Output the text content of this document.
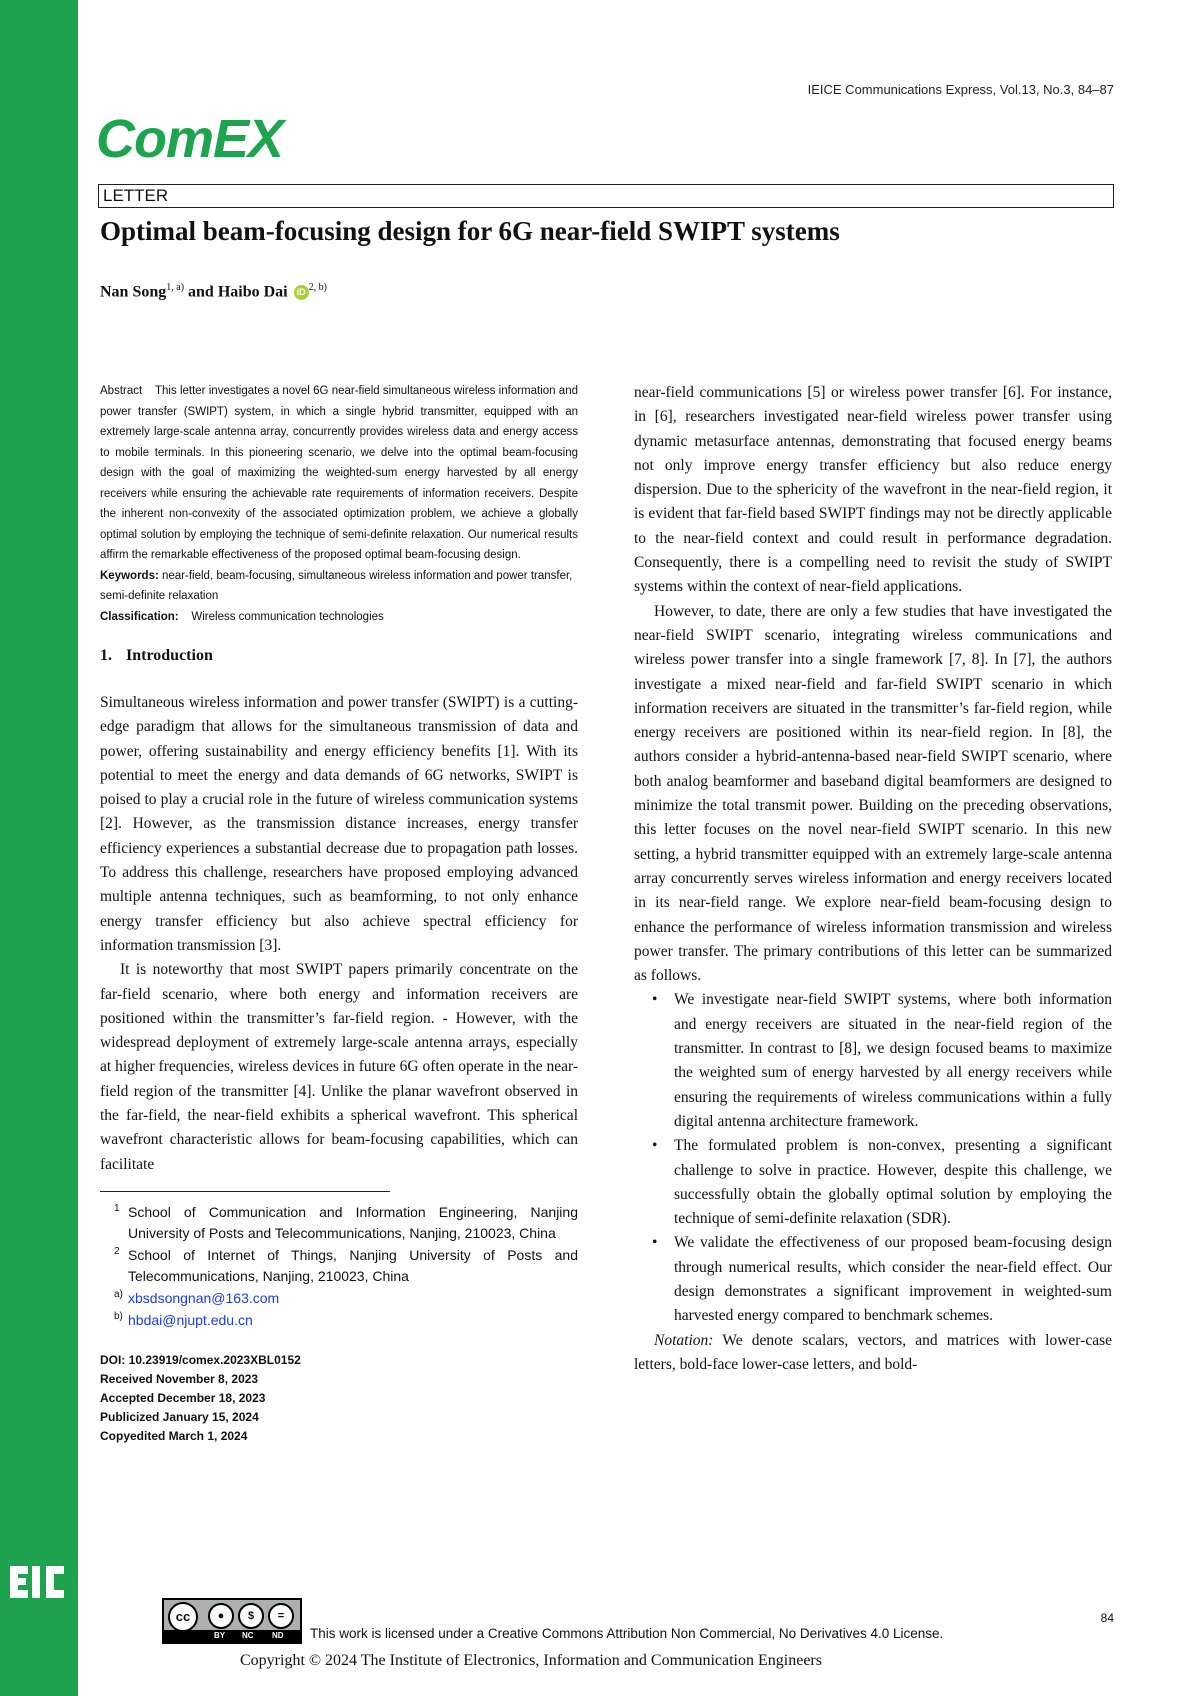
IEICE Communications Express, Vol.13, No.3, 84–87
ComEX
LETTER
Optimal beam-focusing design for 6G near-field SWIPT systems
Nan Song$^{1, a)}$ and Haibo Dai iD $^{2, b)}$

Abstract This letter investigates a novel 6G near-field simultaneous wireless information and power transfer (SWIPT) system, in which a single hybrid transmitter, equipped with an extremely large-scale antenna array, concurrently provides wireless data and energy access to mobile terminals. In this pioneering scenario, we delve into the optimal beam-focusing design with the goal of maximizing the weighted-sum energy harvested by all energy receivers while ensuring the achievable rate requirements of information receivers. Despite the inherent non-convexity of the associated optimization problem, we achieve a globally optimal solution by employing the technique of semi-definite relaxation. Our numerical results affirm the remarkable effectiveness of the proposed optimal beam-focusing design.

Keywords: near-field, beam-focusing, simultaneous wireless information and power transfer, semi-definite relaxation

Classification: Wireless communication technologies

1. Introduction

Simultaneous wireless information and power transfer (SWIPT) is a cutting-edge paradigm that allows for the simultaneous transmission of data and power, offering sustainability and energy efficiency benefits [1]. With its potential to meet the energy and data demands of 6G networks, SWIPT is poised to play a crucial role in the future of wireless communication systems [2]. However, as the transmission distance increases, energy transfer efficiency experiences a substantial decrease due to propagation path losses. To address this challenge, researchers have proposed employing advanced multiple antenna techniques, such as beamforming, to not only enhance energy transfer efficiency but also achieve spectral efficiency for information transmission [3].

It is noteworthy that most SWIPT papers primarily concentrate on the far-field scenario, where both energy and information receivers are positioned within the transmitter’s far-field region. - However, with the widespread deployment of extremely large-scale antenna arrays, especially at higher frequencies, wireless devices in future 6G often operate in the near-field region of the transmitter [4]. Unlike the planar wavefront observed in the far-field, the near-field exhibits a spherical wavefront. This spherical wavefront characteristic allows for beam-focusing capabilities, which can facilitate

1 School of Communication and Information Engineering, Nanjing University of Posts and Telecommunications, Nanjing, 210023, China

2 School of Internet of Things, Nanjing University of Posts and Telecommunications, Nanjing, 210023, China

a) xbsdsongnan@163.com

b) hbdai@njupt.edu.cn

DOI: 10.23919/comex.2023XBL0152
Received November 8, 2023
Accepted December 18, 2023
Publicized January 15, 2024
Copyedited March 1, 2024

near-field communications [5] or wireless power transfer [6]. For instance, in [6], researchers investigated near-field wireless power transfer using dynamic metasurface antennas, demonstrating that focused energy beams not only improve energy transfer efficiency but also reduce energy dispersion. Due to the sphericity of the wavefront in the near-field region, it is evident that far-field based SWIPT findings may not be directly applicable to the near-field context and could result in performance degradation. Consequently, there is a compelling need to revisit the study of SWIPT systems within the context of near-field applications.

However, to date, there are only a few studies that have investigated the near-field SWIPT scenario, integrating wireless communications and wireless power transfer into a single framework [7, 8]. In [7], the authors investigate a mixed near-field and far-field SWIPT scenario in which information receivers are situated in the transmitter’s far-field region, while energy receivers are positioned within its near-field region. In [8], the authors consider a hybrid-antenna-based near-field SWIPT scenario, where both analog beamformer and baseband digital beamformers are designed to minimize the total transmit power. Building on the preceding observations, this letter focuses on the novel near-field SWIPT scenario. In this new setting, a hybrid transmitter equipped with an extremely large-scale antenna array concurrently serves wireless information and energy receivers located in its near-field range. We explore near-field beam-focusing design to enhance the performance of wireless information transmission and wireless power transfer. The primary contributions of this letter can be summarized as follows.

• We investigate near-field SWIPT systems, where both information and energy receivers are situated in the near-field region of the transmitter. In contrast to [8], we design focused beams to maximize the weighted sum of energy harvested by all energy receivers while ensuring the requirements of wireless communications within a fully digital antenna architecture framework.
• The formulated problem is non-convex, presenting a significant challenge to solve in practice. However, despite this challenge, we successfully obtain the globally optimal solution by employing the technique of semi-definite relaxation (SDR).
• We validate the effectiveness of our proposed beam-focusing design through numerical results, which consider the near-field effect. Our design demonstrates a significant improvement in weighted-sum harvested energy compared to benchmark schemes.

Notation: We denote scalars, vectors, and matrices with lower-case letters, bold-face lower-case letters, and bold-

cc	●	$	=
BY NC ND This work is licensed under a Creative Commons Attribution Non Commercial, No Derivatives 4.0 License.
Copyright © 2024 The Institute of Electronics, Information and Communication Engineers
84
